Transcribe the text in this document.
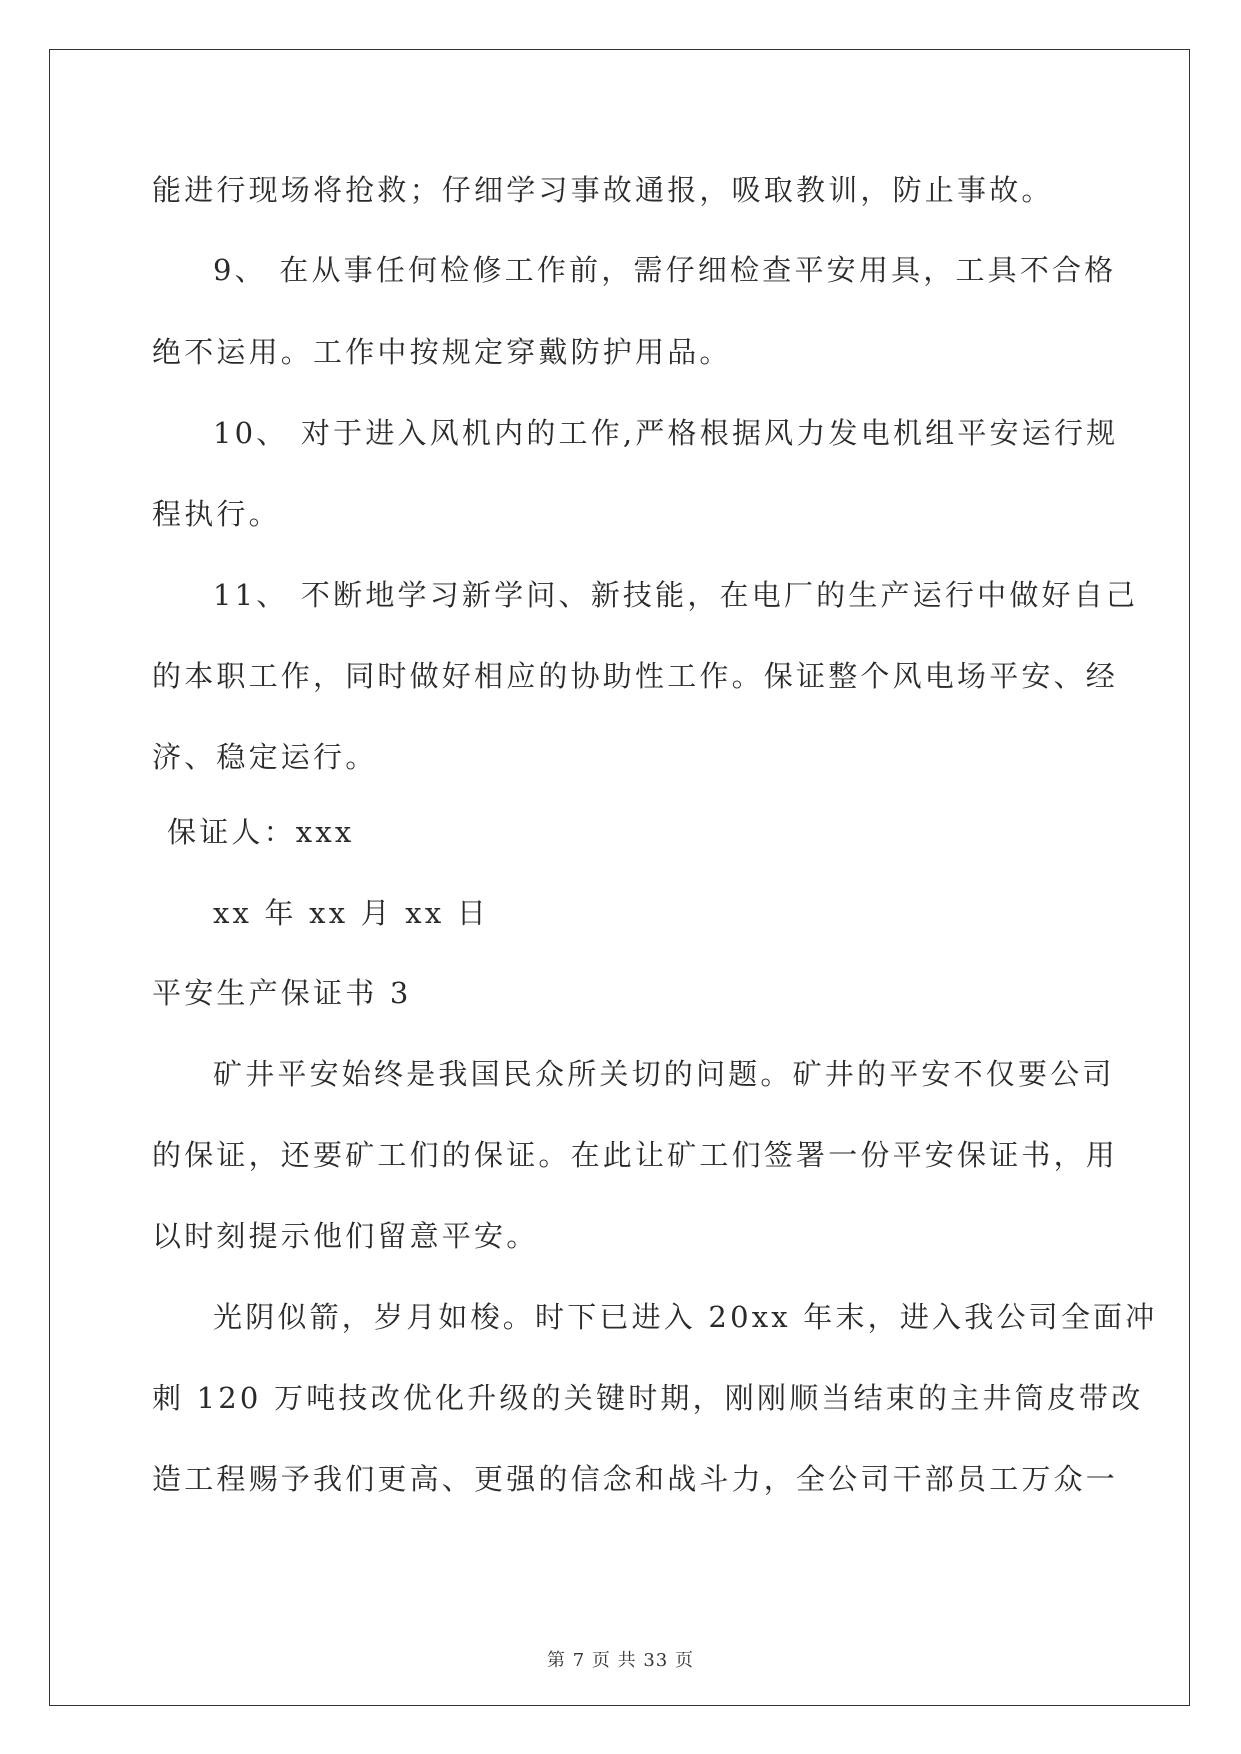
能进行现场将抢救；仔细学习事故通报，吸取教训，防止事故。
9、 在从事任何检修工作前，需仔细检查平安用具，工具不合格
绝不运用。工作中按规定穿戴防护用品。
10、 对于进入风机内的工作,严格根据风力发电机组平安运行规
程执行。
11、 不断地学习新学问、新技能，在电厂的生产运行中做好自己
的本职工作，同时做好相应的协助性工作。保证整个风电场平安、经
济、稳定运行。
保证人：xxx
xx 年 xx 月 xx 日
平安生产保证书 3
矿井平安始终是我国民众所关切的问题。矿井的平安不仅要公司
的保证，还要矿工们的保证。在此让矿工们签署一份平安保证书，用
以时刻提示他们留意平安。
光阴似箭，岁月如梭。时下已进入 20xx 年末，进入我公司全面冲
刺 120 万吨技改优化升级的关键时期，刚刚顺当结束的主井筒皮带改
造工程赐予我们更高、更强的信念和战斗力，全公司干部员工万众一
第 7 页 共 33 页
